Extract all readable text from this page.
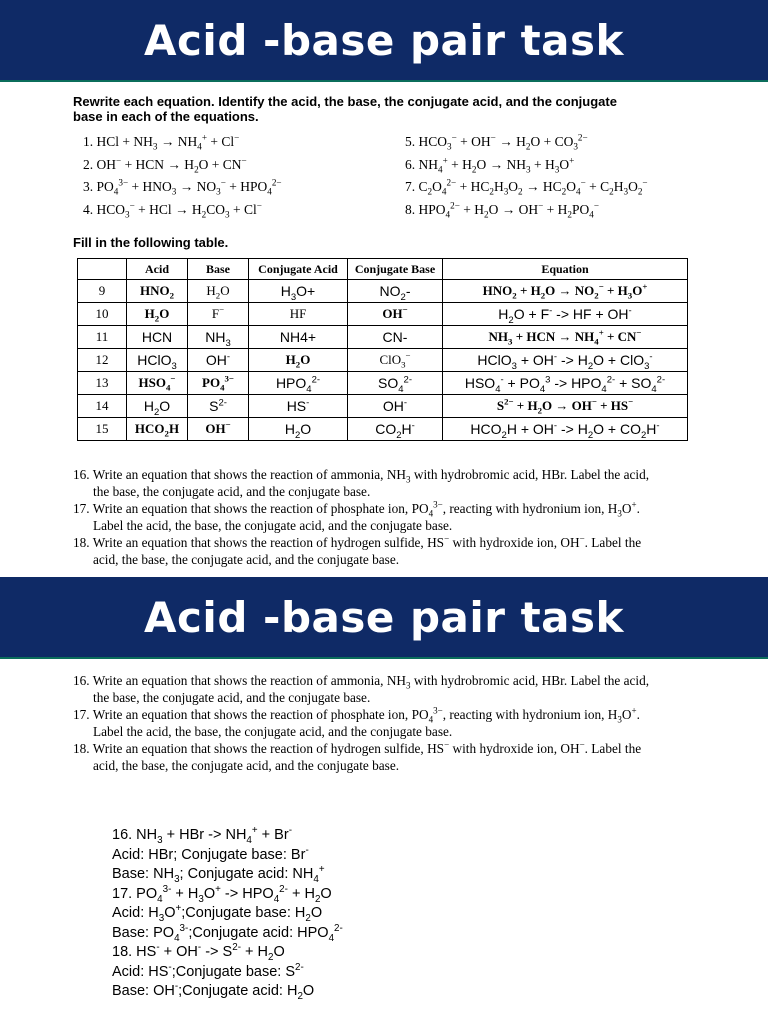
Acid -base pair task
Rewrite each equation. Identify the acid, the base, the conjugate acid, and the conjugate
base in each of the equations.
1. HCl + $NH_3 \to NH_4^+ + Cl^-$
2. OH− + HCN → $H_2O + CN^-$
3. $PO_4^{3-} + HNO_3 \to NO_3^- + HPO_4^{2-}$
4. $HCO_3^-$ + HCl → $H_2CO_3 + Cl^-$
5. $HCO_3^- + OH^- \to H_2O + CO_3^{2-}$
6. $NH_4^+ + H_2O \to NH_3 + H_3O^+$
7. $C_2O_4^{2-} + HC_2H_3O_2 \to HC_2O_4^- + C_2H_3O_2^-$
8. $HPO_4^{2-} + H_2O \to OH^- + H_2PO_4^-$
Fill in the following table.
	Acid	Base	Conjugate Acid	Conjugate Base	Equation
9	$HNO_2$	$H_2O$	$H_3O+$	$NO_2-$	$HNO_2 + H_2O \to NO_2^- + H_3O^+$
10	$H_2O$	F−	HF	OH−	$H_2O + F^-$ -> HF + OH-
11	HCN	$NH_3$	NH4+	CN-	$NH_3$ + HCN → $NH_4^+ + CN^-$
12	HClO$_3$	OH-	$H_2O$	ClO$_3$−	HClO$_3$ + $OH^- -> H_2O + ClO_3^-$
13	$HSO_4^-$	$PO_4^{3-}$	$HPO_4^{2-}$	$SO_4^{2-}$	$HSO_4^- + PO_4^3 -> HPO_4^{2-} + SO_4^{2-}$
14	$H_2O$	$S^{2-}$	HS-	OH-	$S^{2-} + H_2O \to OH^- + HS^-$
15	$HCO_2H$	OH−	$H_2O$	$CO_2H^-$	$HCO_2H + OH^- -> H_2O + CO_2H^-$

16. Write an equation that shows the reaction of ammonia, $NH_3$ with hydrobromic acid, HBr. Label the acid,

the base, the conjugate acid, and the conjugate base.

17. Write an equation that shows the reaction of phosphate ion, $PO_4^{3-}$, reacting with hydronium ion, $H_3O^+$.

Label the acid, the base, the conjugate acid, and the conjugate base.

18. Write an equation that shows the reaction of hydrogen sulfide, HS− with hydroxide ion, OH−. Label the

acid, the base, the conjugate acid, and the conjugate base.

Acid -base pair task

16. Write an equation that shows the reaction of ammonia, $NH_3$ with hydrobromic acid, HBr. Label the acid,

the base, the conjugate acid, and the conjugate base.

17. Write an equation that shows the reaction of phosphate ion, $PO_4^{3-}$, reacting with hydronium ion, $H_3O^+$.

Label the acid, the base, the conjugate acid, and the conjugate base.

18. Write an equation that shows the reaction of hydrogen sulfide, HS− with hydroxide ion, OH−. Label the

acid, the base, the conjugate acid, and the conjugate base.

16. $NH_3$ + HBr -> $NH_4^+ + Br^-$
Acid: HBr; Conjugate base: Br-
Base: $NH_3$; Conjugate acid: $NH_4^+$
17. $PO_4^{3-} + H_3O^+ -> HPO_4^{2-} + H_2O$
Acid: $H_3O^+;Conjugate$ base: $H_2O$
Base: $PO_4^{3-};Conjugate$ acid: $HPO_4^{2-}$
18. $HS^- + OH^- -> S^{2-} + H_2O$
Acid: HS-;Conjugate base: $S^{2-}$
Base: OH-;Conjugate acid: $H_2O$
